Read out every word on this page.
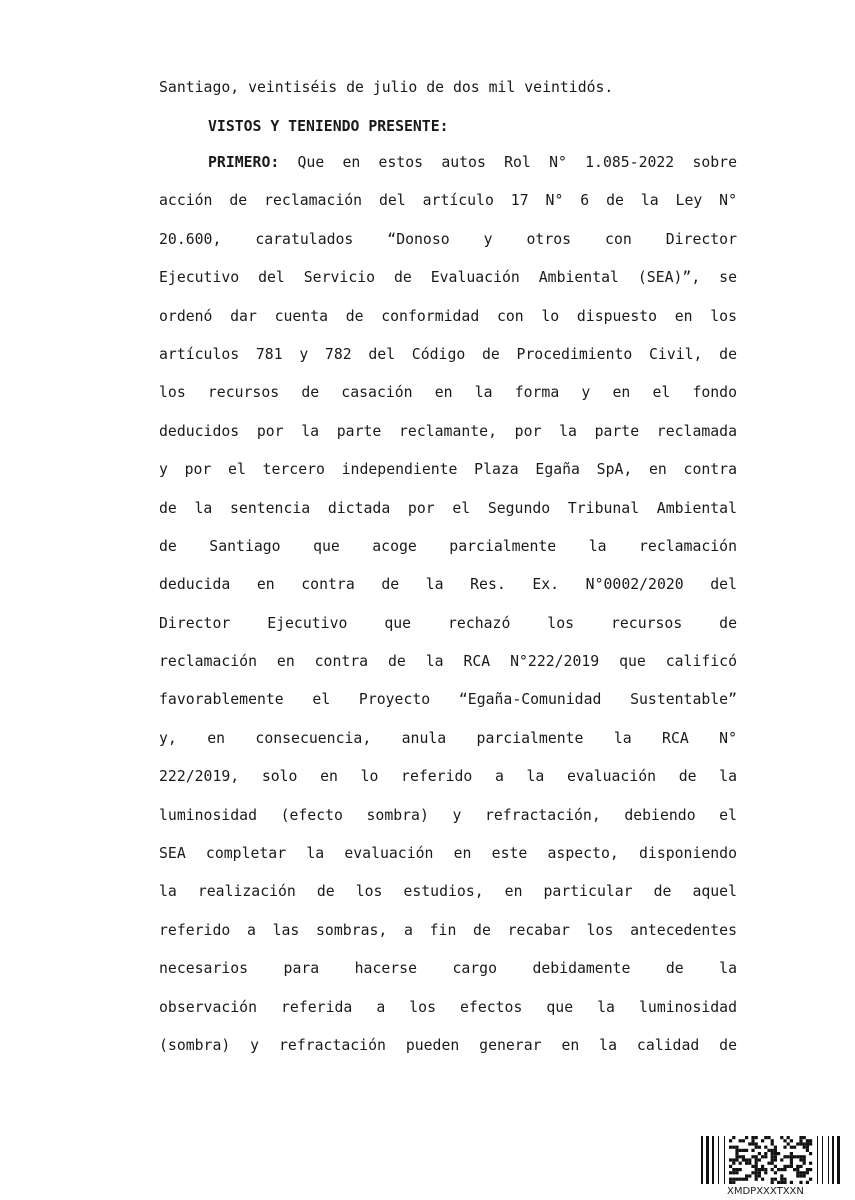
Santiago, veintiséis de julio de dos mil veintidós.
VISTOS Y TENIENDO PRESENTE:
PRIMERO: Que en estos autos Rol N° 1.085-2022 sobre
acción de reclamación del artículo 17 N° 6 de la Ley N°
20.600, caratulados “Donoso y otros con Director
Ejecutivo del Servicio de Evaluación Ambiental (SEA)”, se
ordenó dar cuenta de conformidad con lo dispuesto en los
artículos 781 y 782 del Código de Procedimiento Civil, de
los recursos de casación en la forma y en el fondo
deducidos por la parte reclamante, por la parte reclamada
y por el tercero independiente Plaza Egaña SpA, en contra
de la sentencia dictada por el Segundo Tribunal Ambiental
de Santiago que acoge parcialmente la reclamación
deducida en contra de la Res. Ex. N°0002/2020 del
Director Ejecutivo que rechazó los recursos de
reclamación en contra de la RCA N°222/2019 que calificó
favorablemente el Proyecto “Egaña-Comunidad Sustentable”
y, en consecuencia, anula parcialmente la RCA N°
222/2019, solo en lo referido a la evaluación de la
luminosidad (efecto sombra) y refractación, debiendo el
SEA completar la evaluación en este aspecto, disponiendo
la realización de los estudios, en particular de aquel
referido a las sombras, a fin de recabar los antecedentes
necesarios para hacerse cargo debidamente de la
observación referida a los efectos que la luminosidad
(sombra) y refractación pueden generar en la calidad de
XMDPXXXTXXN
